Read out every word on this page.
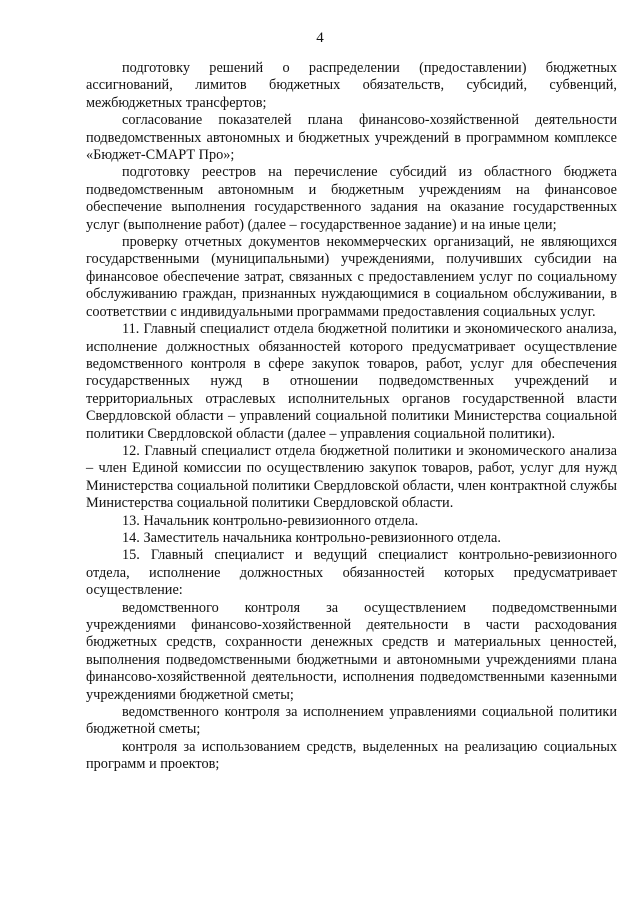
4

подготовку решений о распределении (предоставлении) бюджетных ассигнований, лимитов бюджетных обязательств, субсидий, субвенций, межбюджетных трансфертов;

согласование показателей плана финансово-хозяйственной деятельности подведомственных автономных и бюджетных учреждений в программном комплексе «Бюджет-СМАРТ Про»;

подготовку реестров на перечисление субсидий из областного бюджета подведомственным автономным и бюджетным учреждениям на финансовое обеспечение выполнения государственного задания на оказание государственных услуг (выполнение работ) (далее – государственное задание) и на иные цели;

проверку отчетных документов некоммерческих организаций, не являющихся государственными (муниципальными) учреждениями, получивших субсидии на финансовое обеспечение затрат, связанных с предоставлением услуг по социальному обслуживанию граждан, признанных нуждающимися в социальном обслуживании, в соответствии с индивидуальными программами предоставления социальных услуг.

11. Главный специалист отдела бюджетной политики и экономического анализа, исполнение должностных обязанностей которого предусматривает осуществление ведомственного контроля в сфере закупок товаров, работ, услуг для обеспечения государственных нужд в отношении подведомственных учреждений и территориальных отраслевых исполнительных органов государственной власти Свердловской области – управлений социальной политики Министерства социальной политики Свердловской области (далее – управления социальной политики).

12. Главный специалист отдела бюджетной политики и экономического анализа – член Единой комиссии по осуществлению закупок товаров, работ, услуг для нужд Министерства социальной политики Свердловской области, член контрактной службы Министерства социальной политики Свердловской области.

13. Начальник контрольно-ревизионного отдела.

14. Заместитель начальника контрольно-ревизионного отдела.

15. Главный специалист и ведущий специалист контрольно-ревизионного отдела, исполнение должностных обязанностей которых предусматривает осуществление:

ведомственного контроля за осуществлением подведомственными учреждениями финансово-хозяйственной деятельности в части расходования бюджетных средств, сохранности денежных средств и материальных ценностей, выполнения подведомственными бюджетными и автономными учреждениями плана финансово-хозяйственной деятельности, исполнения подведомственными казенными учреждениями бюджетной сметы;

ведомственного контроля за исполнением управлениями социальной политики бюджетной сметы;

контроля за использованием средств, выделенных на реализацию социальных программ и проектов;
